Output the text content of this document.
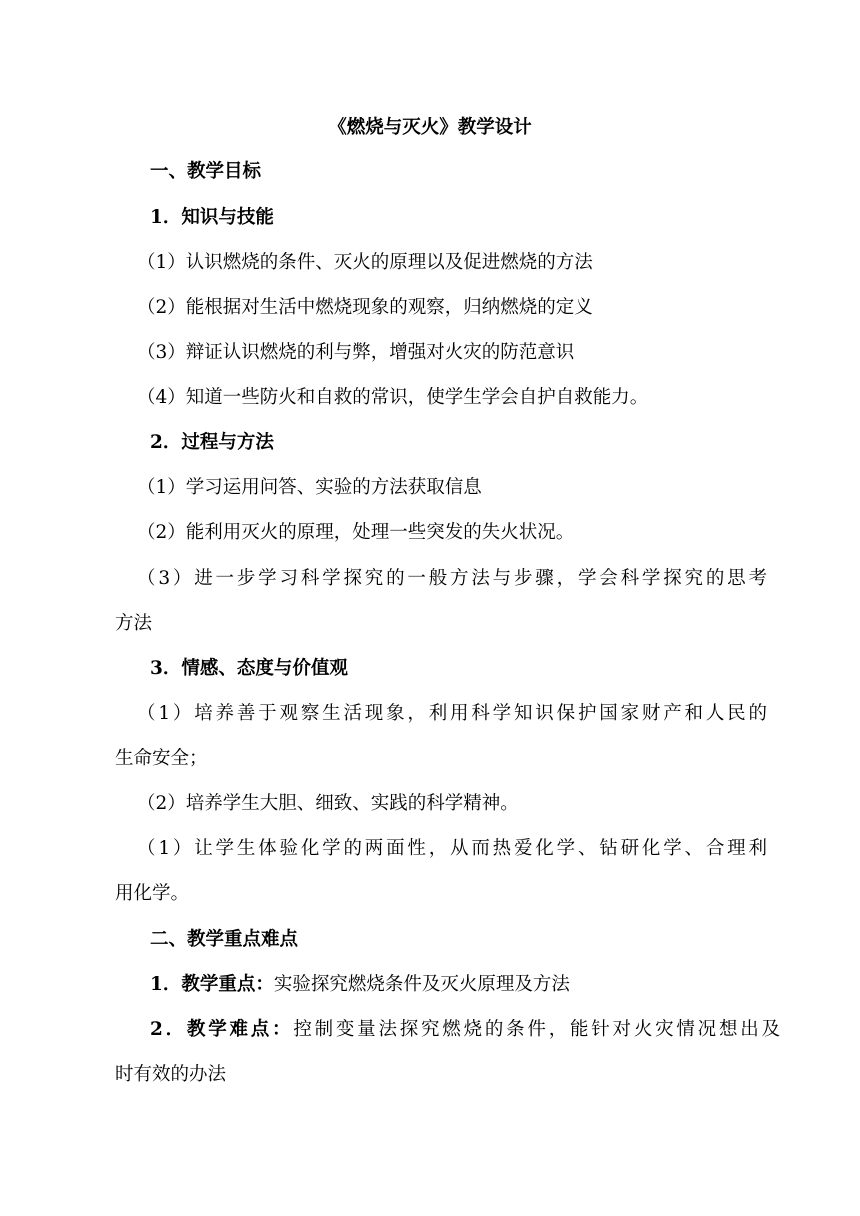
《燃烧与灭火》教学设计
一、教学目标
1．知识与技能
（1）认识燃烧的条件、灭火的原理以及促进燃烧的方法
（2）能根据对生活中燃烧现象的观察，归纳燃烧的定义
（3）辩证认识燃烧的利与弊，增强对火灾的防范意识
（4）知道一些防火和自救的常识，使学生学会自护自救能力。
2．过程与方法
（1）学习运用问答、实验的方法获取信息
（2）能利用灭火的原理，处理一些突发的失火状况。
（3）进一步学习科学探究的一般方法与步骤，学会科学探究的思考
方法
3．情感、态度与价值观
（1）培养善于观察生活现象，利用科学知识保护国家财产和人民的
生命安全；
（2）培养学生大胆、细致、实践的科学精神。
（1）让学生体验化学的两面性，从而热爱化学、钻研化学、合理利
用化学。
二、教学重点难点
1．教学重点：实验探究燃烧条件及灭火原理及方法
2．教学难点：控制变量法探究燃烧的条件，能针对火灾情况想出及
时有效的办法
